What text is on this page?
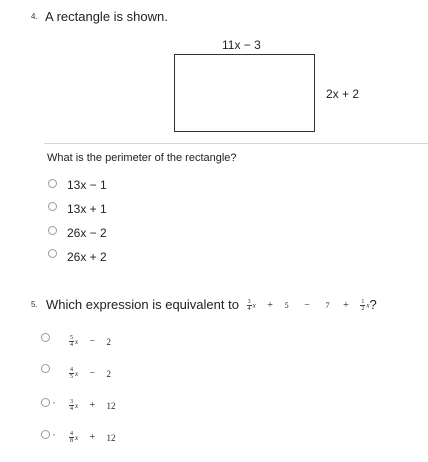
4. A rectangle is shown.
11x − 3
2x + 2
What is the perimeter of the rectangle?
13x − 1
13x + 1
26x − 2
26x + 2
5. Which expression is equivalent to $\frac{3}{4}$ $x + 5 - 7 + \frac{1}{2} x$?
$\frac{5}{4}$ x − 2
$\frac{4}{5}$ x − 2
· $\frac{3}{4}$ x + 12
· $\frac{4}{8}$ x + 12
